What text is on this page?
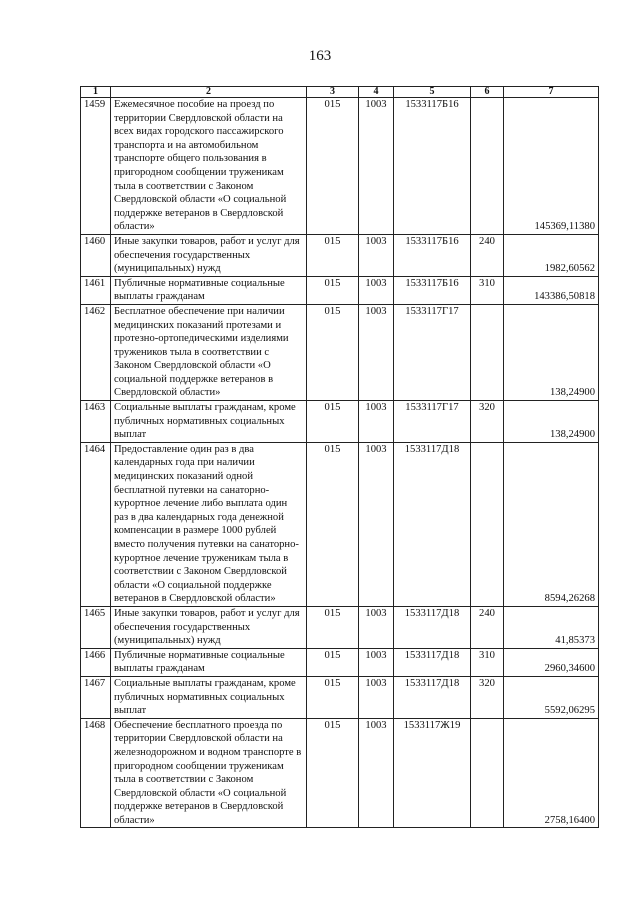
163
1	2	3	4	5	6	7
1459	Ежемесячное пособие на проезд по территории Свердловской области на всех видах городского пассажирского транспорта и на автомобильном транспорте общего пользования в пригородном сообщении труженикам тыла в соответствии с Законом Свердловской области «О социальной поддержке ветеранов в Свердловской области»	015	1003	1533117Б16		145369,11380
1460	Иные закупки товаров, работ и услуг для обеспечения государственных (муниципальных) нужд	015	1003	1533117Б16	240	1982,60562
1461	Публичные нормативные социальные выплаты гражданам	015	1003	1533117Б16	310	143386,50818
1462	Бесплатное обеспечение при наличии медицинских показаний протезами и протезно-ортопедическими изделиями тружеников тыла в соответствии с Законом Свердловской области «О социальной поддержке ветеранов в Свердловской области»	015	1003	1533117Г17		138,24900
1463	Социальные выплаты гражданам, кроме публичных нормативных социальных выплат	015	1003	1533117Г17	320	138,24900
1464	Предоставление один раз в два календарных года при наличии медицинских показаний одной бесплатной путевки на санаторно-курортное лечение либо выплата один раз в два календарных года денежной компенсации в размере 1000 рублей вместо получения путевки на санаторно-курортное лечение труженикам тыла в соответствии с Законом Свердловской области «О социальной поддержке ветеранов в Свердловской области»	015	1003	1533117Д18		8594,26268
1465	Иные закупки товаров, работ и услуг для обеспечения государственных (муниципальных) нужд	015	1003	1533117Д18	240	41,85373
1466	Публичные нормативные социальные выплаты гражданам	015	1003	1533117Д18	310	2960,34600
1467	Социальные выплаты гражданам, кроме публичных нормативных социальных выплат	015	1003	1533117Д18	320	5592,06295
1468	Обеспечение бесплатного проезда по территории Свердловской области на железнодорожном и водном транспорте в пригородном сообщении труженикам тыла в соответствии с Законом Свердловской области «О социальной поддержке ветеранов в Свердловской области»	015	1003	1533117Ж19		2758,16400
